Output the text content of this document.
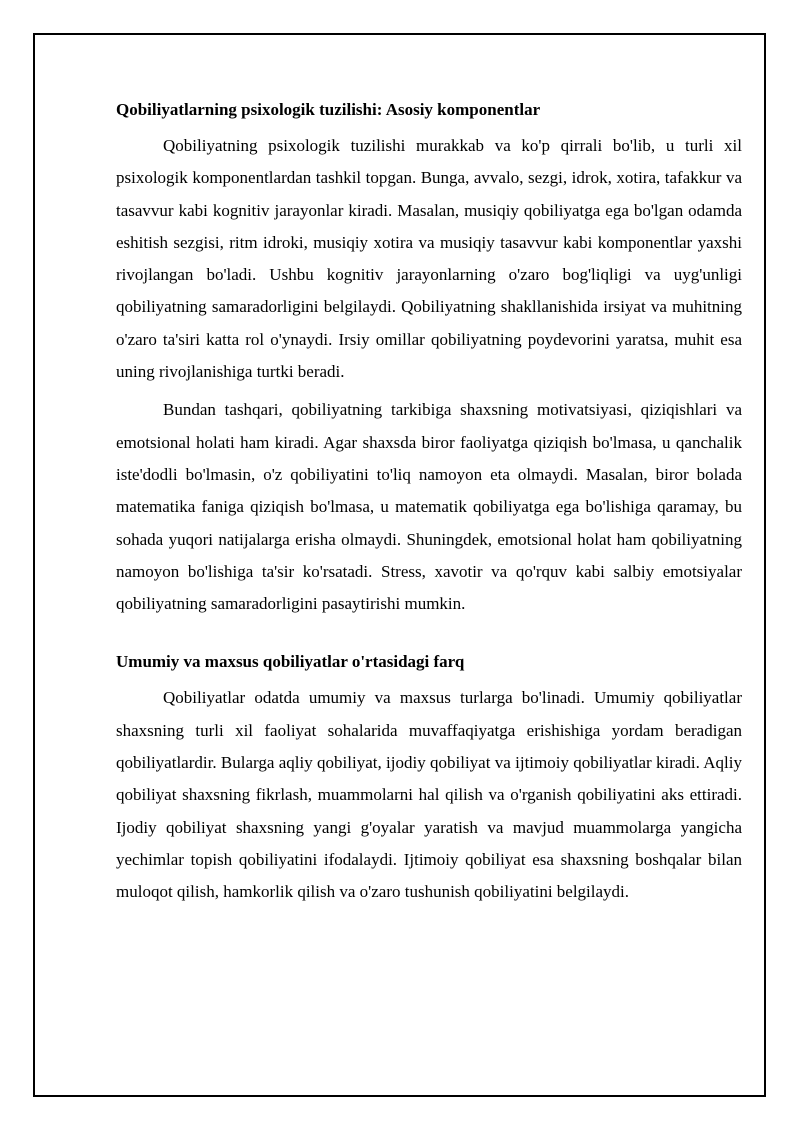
Qobiliyatlarning psixologik tuzilishi: Asosiy komponentlar

Qobiliyatning psixologik tuzilishi murakkab va ko'p qirrali bo'lib, u turli xil psixologik komponentlardan tashkil topgan. Bunga, avvalo, sezgi, idrok, xotira, tafakkur va tasavvur kabi kognitiv jarayonlar kiradi. Masalan, musiqiy qobiliyatga ega bo'lgan odamda eshitish sezgisi, ritm idroki, musiqiy xotira va musiqiy tasavvur kabi komponentlar yaxshi rivojlangan bo'ladi. Ushbu kognitiv jarayonlarning o'zaro bog'liqligi va uyg'unligi qobiliyatning samaradorligini belgilaydi. Qobiliyatning shakllanishida irsiyat va muhitning o'zaro ta'siri katta rol o'ynaydi. Irsiy omillar qobiliyatning poydevorini yaratsa, muhit esa uning rivojlanishiga turtki beradi.

Bundan tashqari, qobiliyatning tarkibiga shaxsning motivatsiyasi, qiziqishlari va emotsional holati ham kiradi. Agar shaxsda biror faoliyatga qiziqish bo'lmasa, u qanchalik iste'dodli bo'lmasin, o'z qobiliyatini to'liq namoyon eta olmaydi. Masalan, biror bolada matematika faniga qiziqish bo'lmasa, u matematik qobiliyatga ega bo'lishiga qaramay, bu sohada yuqori natijalarga erisha olmaydi. Shuningdek, emotsional holat ham qobiliyatning namoyon bo'lishiga ta'sir ko'rsatadi. Stress, xavotir va qo'rquv kabi salbiy emotsiyalar qobiliyatning samaradorligini pasaytirishi mumkin.

Umumiy va maxsus qobiliyatlar o'rtasidagi farq

Qobiliyatlar odatda umumiy va maxsus turlarga bo'linadi. Umumiy qobiliyatlar shaxsning turli xil faoliyat sohalarida muvaffaqiyatga erishishiga yordam beradigan qobiliyatlardir. Bularga aqliy qobiliyat, ijodiy qobiliyat va ijtimoiy qobiliyatlar kiradi. Aqliy qobiliyat shaxsning fikrlash, muammolarni hal qilish va o'rganish qobiliyatini aks ettiradi. Ijodiy qobiliyat shaxsning yangi g'oyalar yaratish va mavjud muammolarga yangicha yechimlar topish qobiliyatini ifodalaydi. Ijtimoiy qobiliyat esa shaxsning boshqalar bilan muloqot qilish, hamkorlik qilish va o'zaro tushunish qobiliyatini belgilaydi.
